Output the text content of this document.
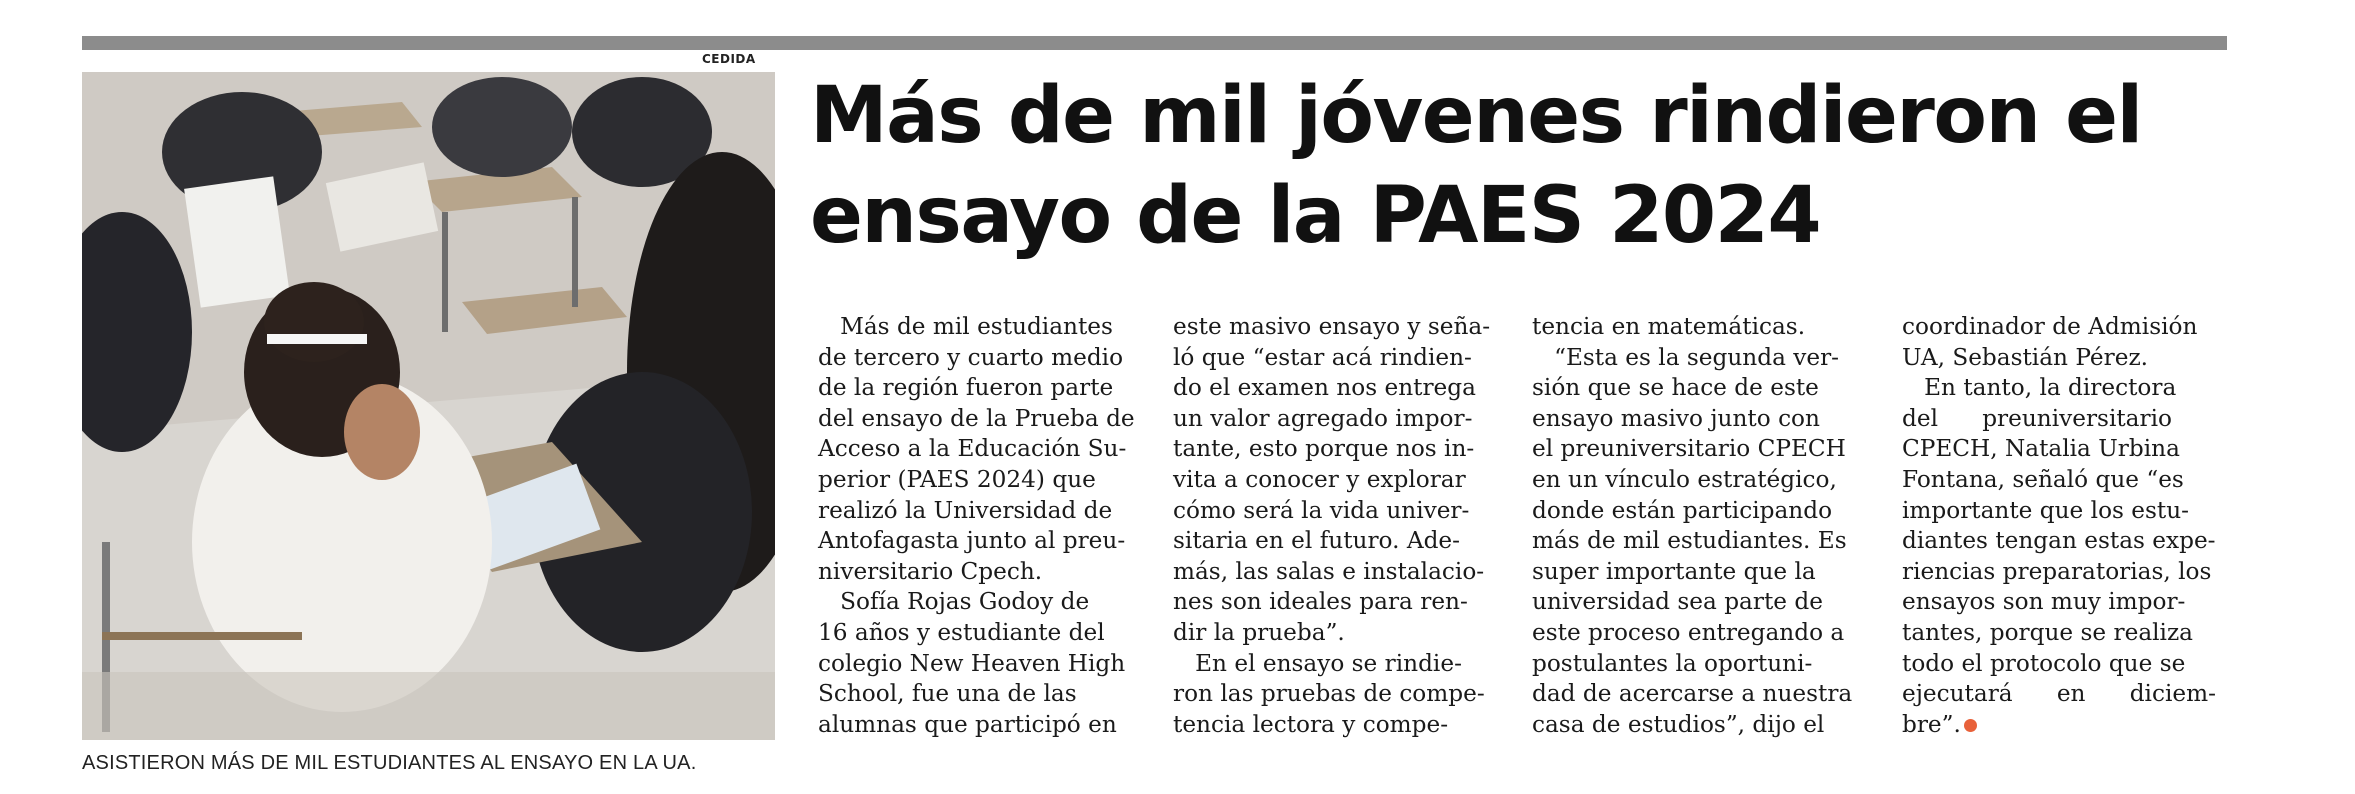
CEDIDA
ASISTIERON MÁS DE MIL ESTUDIANTES AL ENSAYO EN LA UA.
Más de mil jóvenes rindieron el
ensayo de la PAES 2024
Más de mil estudiantes
de tercero y cuarto medio
de la región fueron parte
del ensayo de la Prueba de
Acceso a la Educación Su-
perior (PAES 2024) que
realizó la Universidad de
Antofagasta junto al preu-
niversitario Cpech.
Sofía Rojas Godoy de
16 años y estudiante del
colegio New Heaven High
School, fue una de las
alumnas que participó en
este masivo ensayo y seña-
ló que “estar acá rindien-
do el examen nos entrega
un valor agregado impor-
tante, esto porque nos in-
vita a conocer y explorar
cómo será la vida univer-
sitaria en el futuro. Ade-
más, las salas e instalacio-
nes son ideales para ren-
dir la prueba”.
En el ensayo se rindie-
ron las pruebas de compe-
tencia lectora y compe-
tencia en matemáticas.
“Esta es la segunda ver-
sión que se hace de este
ensayo masivo junto con
el preuniversitario CPECH
en un vínculo estratégico,
donde están participando
más de mil estudiantes. Es
super importante que la
universidad sea parte de
este proceso entregando a
postulantes la oportuni-
dad de acercarse a nuestra
casa de estudios”, dijo el
coordinador de Admisión
UA, Sebastián Pérez.
En tanto, la directora
del      preuniversitario
CPECH, Natalia Urbina
Fontana, señaló que “es
importante que los estu-
diantes tengan estas expe-
riencias preparatorias, los
ensayos son muy impor-
tantes, porque se realiza
todo el protocolo que se
ejecutará      en      diciem-
bre”.
